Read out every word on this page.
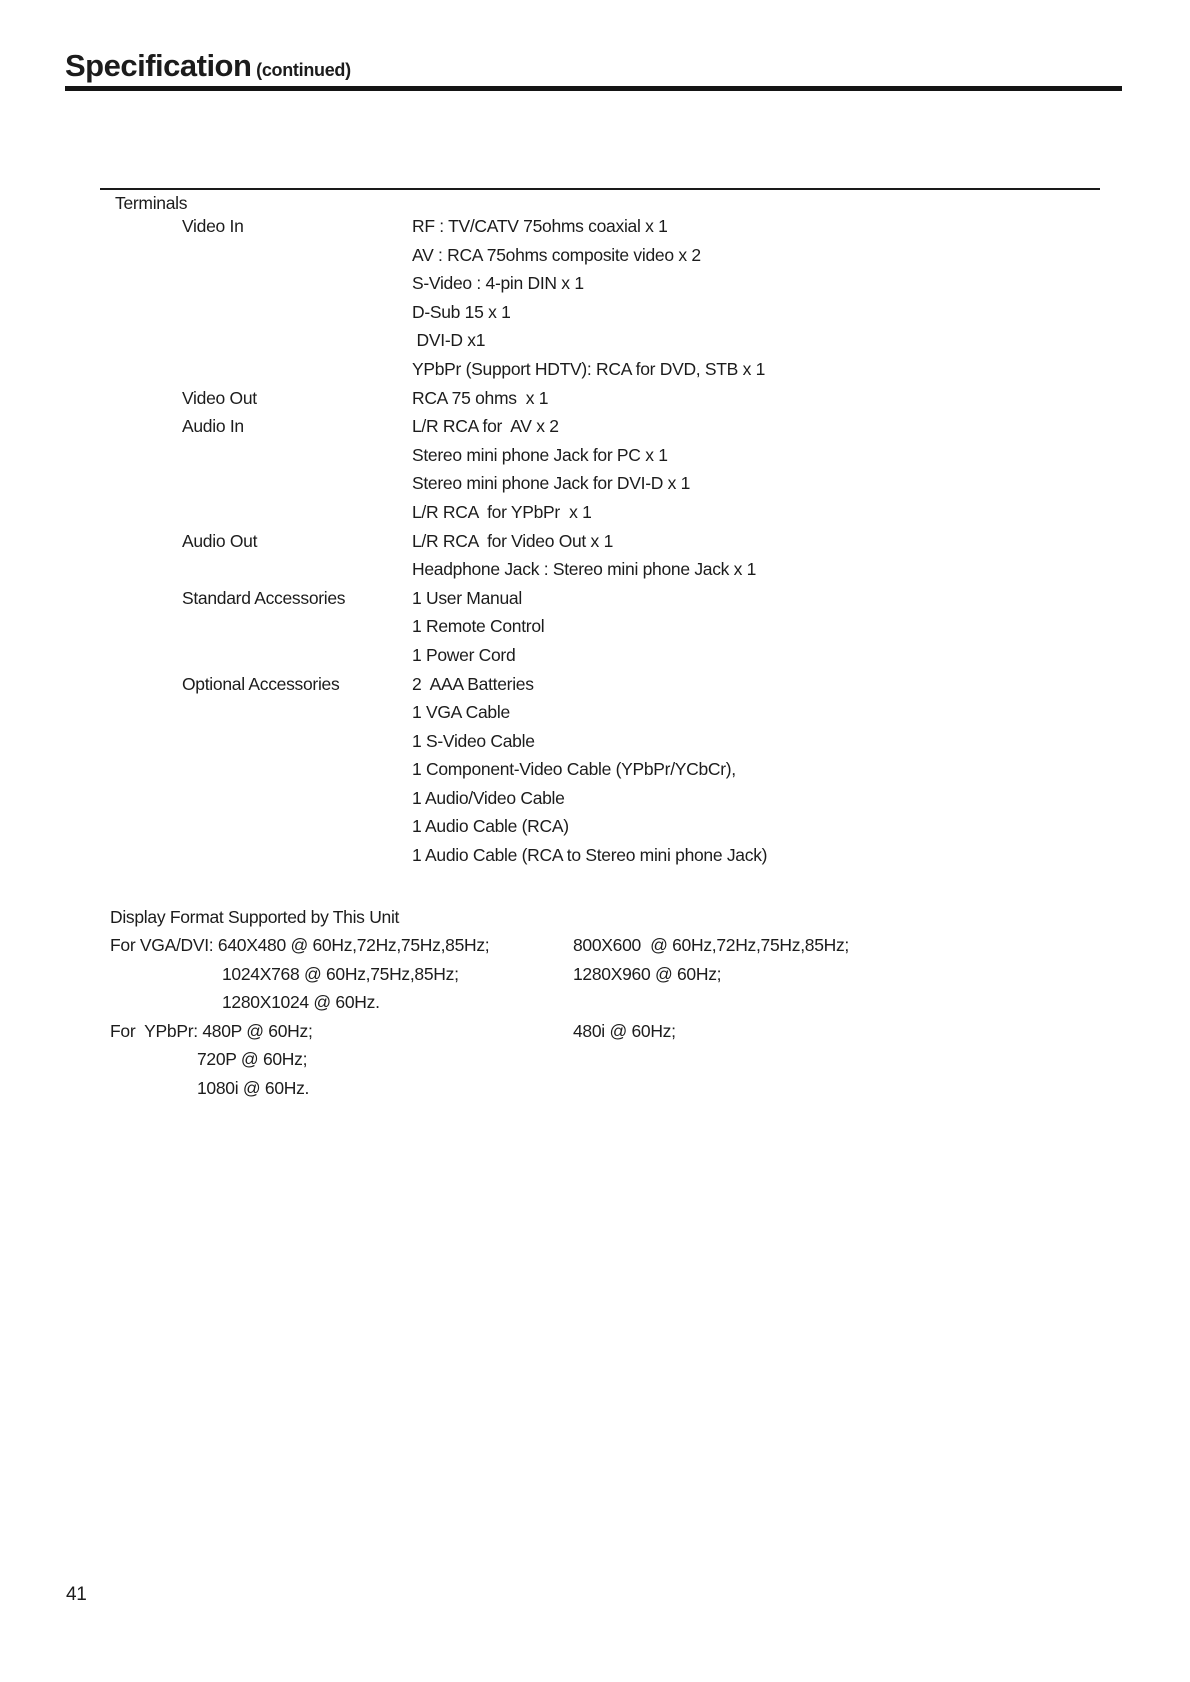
Specification (continued)
Terminals
Video In	RF : TV/CATV 75ohms coaxial x 1
AV : RCA 75ohms composite video x 2
S-Video : 4-pin DIN x 1
D-Sub 15 x 1
DVI-D x1
YPbPr (Support HDTV): RCA for DVD, STB x 1
Video Out	RCA 75 ohms  x 1
Audio In	L/R RCA for  AV x 2
Stereo mini phone Jack for PC x 1
Stereo mini phone Jack for DVI-D x 1
L/R RCA  for YPbPr  x 1
Audio Out	L/R RCA  for Video Out x 1
Headphone Jack : Stereo mini phone Jack x 1
Standard Accessories	1 User Manual
1 Remote Control
1 Power Cord
Optional Accessories	2  AAA Batteries
1 VGA Cable
1 S-Video Cable
1 Component-Video Cable (YPbPr/YCbCr),
1 Audio/Video Cable
1 Audio Cable (RCA)
1 Audio Cable (RCA to Stereo mini phone Jack)
Display Format Supported by This Unit
For VGA/DVI: 640X480 @ 60Hz,72Hz,75Hz,85Hz;	800X600  @ 60Hz,72Hz,75Hz,85Hz;
1024X768 @ 60Hz,75Hz,85Hz;	1280X960 @ 60Hz;
1280X1024 @ 60Hz.
For  YPbPr: 480P @ 60Hz;	480i @ 60Hz;
720P @ 60Hz;
1080i @ 60Hz.
41
